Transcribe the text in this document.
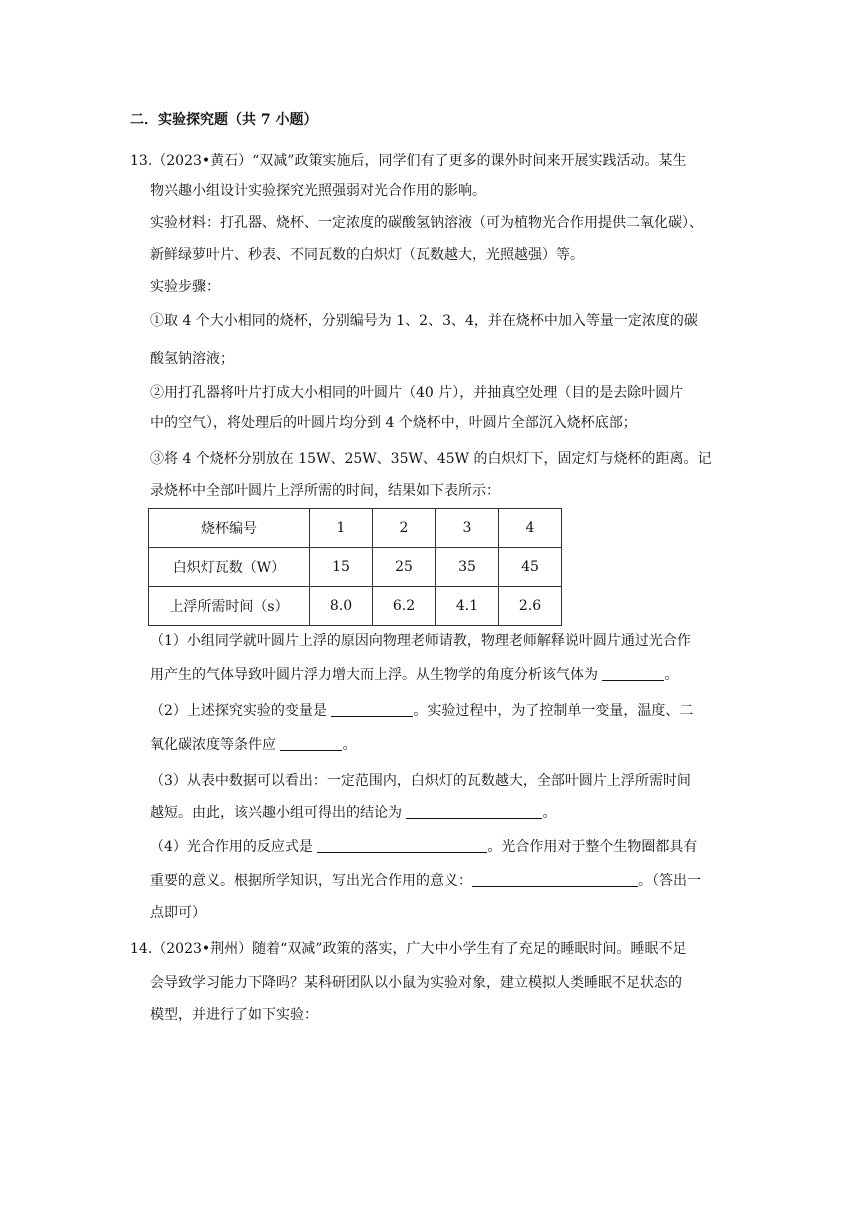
二．实验探究题（共 7 小题）
13.（2023•黄石）“双减”政策实施后，同学们有了更多的课外时间来开展实践活动。某生
物兴趣小组设计实验探究光照强弱对光合作用的影响。
实验材料：打孔器、烧杯、一定浓度的碳酸氢钠溶液（可为植物光合作用提供二氧化碳）、
新鲜绿萝叶片、秒表、不同瓦数的白炽灯（瓦数越大，光照越强）等。
实验步骤：
①取 4 个大小相同的烧杯，分别编号为 1、2、3、4，并在烧杯中加入等量一定浓度的碳
酸氢钠溶液；
②用打孔器将叶片打成大小相同的叶圆片（40 片），并抽真空处理（目的是去除叶圆片
中的空气），将处理后的叶圆片均分到 4 个烧杯中，叶圆片全部沉入烧杯底部；
③将 4 个烧杯分别放在 15W、25W、35W、45W 的白炽灯下，固定灯与烧杯的距离。记
录烧杯中全部叶圆片上浮所需的时间，结果如下表所示：
烧杯编号	1	2	3	4
白炽灯瓦数（W）	15	25	35	45
上浮所需时间（s）	8.0	6.2	4.1	2.6
（1）小组同学就叶圆片上浮的原因向物理老师请教，物理老师解释说叶圆片通过光合作
用产生的气体导致叶圆片浮力增大而上浮。从生物学的角度分析该气体为	。
（2）上述探究实验的变量是	。实验过程中，为了控制单一变量，温度、二
氧化碳浓度等条件应	。
（3）从表中数据可以看出：一定范围内，白炽灯的瓦数越大，全部叶圆片上浮所需时间
越短。由此，该兴趣小组可得出的结论为	。
（4）光合作用的反应式是	。光合作用对于整个生物圈都具有
重要的意义。根据所学知识，写出光合作用的意义：	。（答出一
点即可）
14.（2023•荆州）随着“双减”政策的落实，广大中小学生有了充足的睡眠时间。睡眠不足
会导致学习能力下降吗？某科研团队以小鼠为实验对象，建立模拟人类睡眠不足状态的
模型，并进行了如下实验：
